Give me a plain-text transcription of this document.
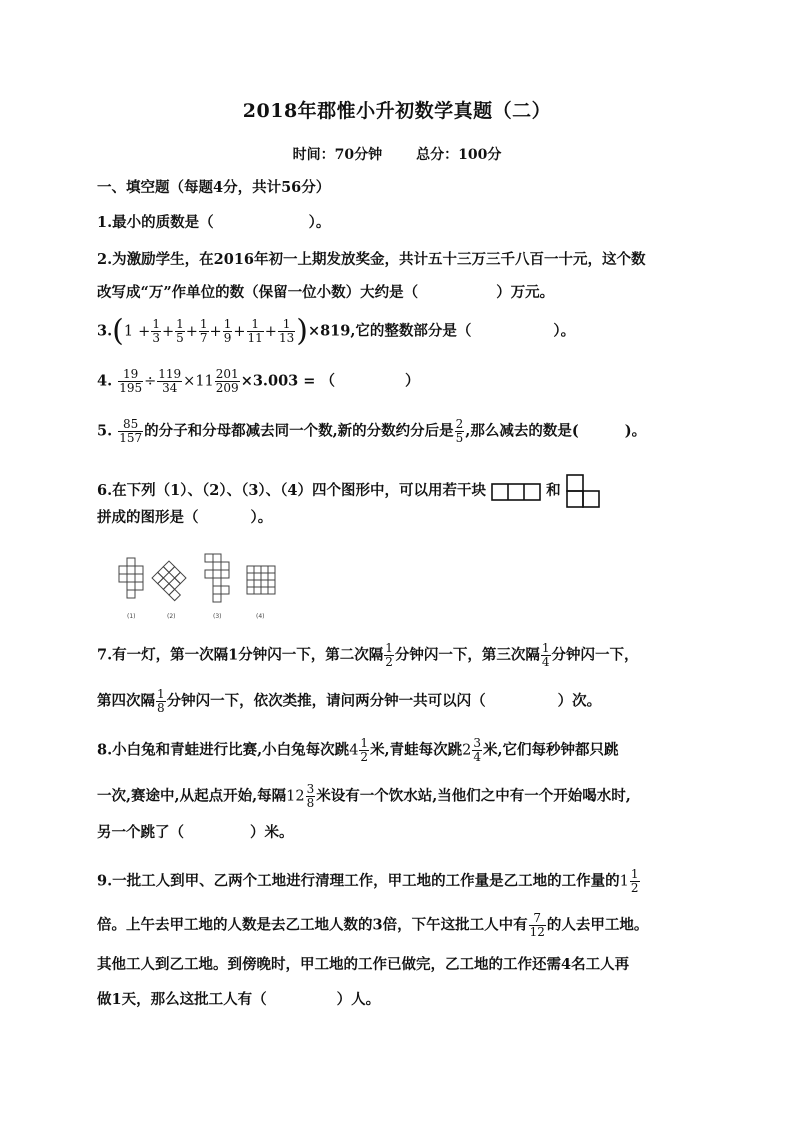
2018年郡惟小升初数学真题（二）
时间：70分钟 总分：100分
一、填空题（每题4分，共计56分）
1.最小的质数是（	）。
2.为激励学生，在2016年初一上期发放奖金，共计五十三万三千八百一十元，这个数
改写成“万”作单位的数（保留一位小数）大约是（	）万元。
$3.(1 + \frac{1}{3} + \frac{1}{5} + \frac{1}{7} + \frac{1}{9} + \frac{1}{11} + \frac{1}{13} )\times 819$,它的整数部分是（	）。
4. $\frac{19}{195} \div \frac{119}{34} \times 11 \frac{201}{209} \times 3.003$ = （	）
5. $\frac{85}{157}$ 的分子和分母都减去同一个数,新的分数约分后是 $\frac{2}{5}$ ,那么减去的数是(	)。
6.在下列（1）、（2）、（3）、（4）四个图形中，可以用若干块	和
拼成的图形是（	）。
(1)	(2)	(3)	(4)
7.有一灯，第一次隔1分钟闪一下，第二次隔 $\frac{1}{2}$ 分钟闪一下，第三次隔 $\frac{1}{4}$ 分钟闪一下，
第四次隔 $\frac{1}{8}$ 分钟闪一下，依次类推，请问两分钟一共可以闪（	）次。
8.小白兔和青蛙进行比赛,小白兔每次跳$4 \frac{1}{2}$ 米,青蛙每次跳$2 \frac{3}{4}$ 米,它们每秒钟都只跳
一次,赛途中,从起点开始,每隔$12 \frac{3}{8}$ 米设有一个饮水站,当他们之中有一个开始喝水时,
另一个跳了（	）米。
9.一批工人到甲、乙两个工地进行清理工作，甲工地的工作量是乙工地的工作量的$1 \frac{1}{2}$
倍。上午去甲工地的人数是去乙工地人数的3倍，下午这批工人中有 $\frac{7}{12}$ 的人去甲工地。
其他工人到乙工地。到傍晚时，甲工地的工作已做完，乙工地的工作还需4名工人再
做1天，那么这批工人有（	）人。
